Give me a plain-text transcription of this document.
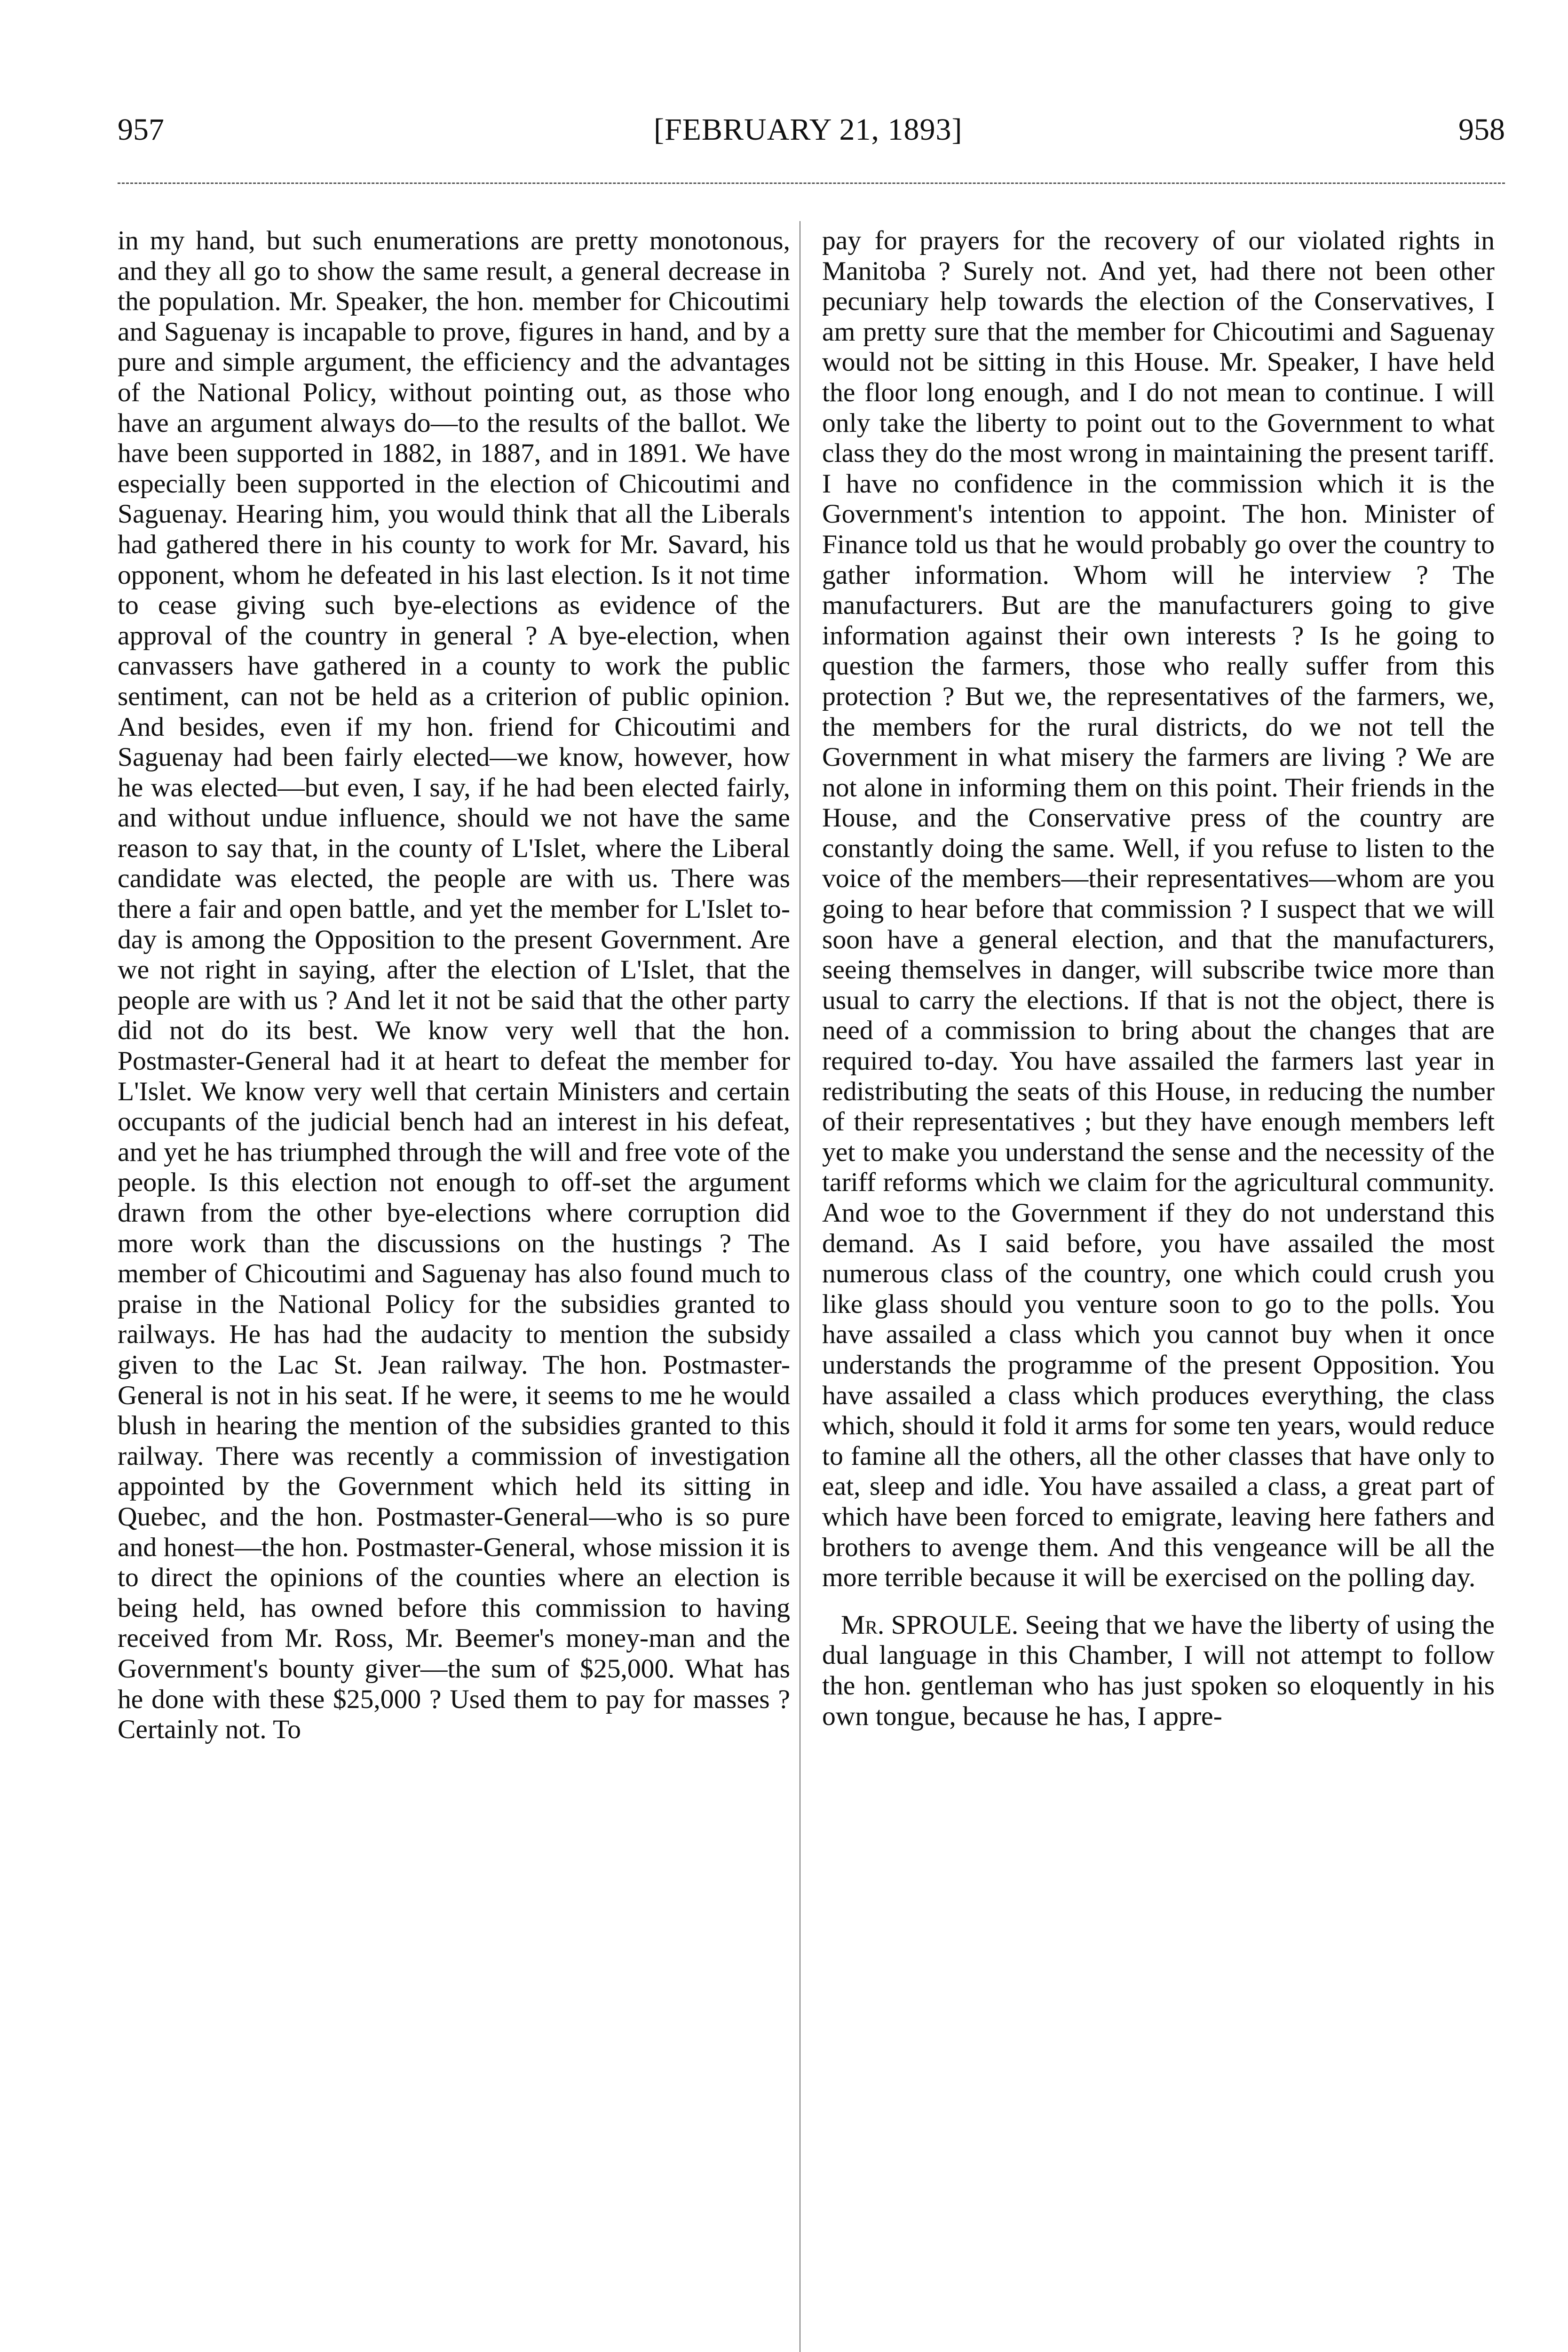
957	[FEBRUARY 21, 1893]	958

in my hand, but such enumerations are pretty monotonous, and they all go to show the same result, a general decrease in the population. Mr. Speaker, the hon. member for Chicoutimi and Saguenay is incapable to prove, figures in hand, and by a pure and simple argument, the efficiency and the advantages of the National Policy, without pointing out, as those who have an argument always do—to the results of the ballot. We have been supported in 1882, in 1887, and in 1891. We have especially been supported in the election of Chicoutimi and Saguenay. Hearing him, you would think that all the Liberals had gathered there in his county to work for Mr. Savard, his opponent, whom he defeated in his last election. Is it not time to cease giving such bye-elections as evidence of the approval of the country in general ? A bye-election, when canvassers have gathered in a county to work the public sentiment, can not be held as a criterion of public opinion. And besides, even if my hon. friend for Chicoutimi and Saguenay had been fairly elected—we know, however, how he was elected—but even, I say, if he had been elected fairly, and without undue influence, should we not have the same reason to say that, in the county of L'Islet, where the Liberal candidate was elected, the people are with us. There was there a fair and open battle, and yet the member for L'Islet to-day is among the Opposition to the present Government. Are we not right in saying, after the election of L'Islet, that the people are with us ? And let it not be said that the other party did not do its best. We know very well that the hon. Postmaster-General had it at heart to defeat the member for L'Islet. We know very well that certain Ministers and certain occupants of the judicial bench had an interest in his defeat, and yet he has triumphed through the will and free vote of the people. Is this election not enough to off-set the argument drawn from the other bye-elections where corruption did more work than the discussions on the hustings ? The member of Chicoutimi and Saguenay has also found much to praise in the National Policy for the subsidies granted to railways. He has had the audacity to mention the subsidy given to the Lac St. Jean railway. The hon. Postmaster-General is not in his seat. If he were, it seems to me he would blush in hearing the mention of the subsidies granted to this railway. There was recently a commission of investigation appointed by the Government which held its sitting in Quebec, and the hon. Postmaster-General—who is so pure and honest—the hon. Postmaster-General, whose mission it is to direct the opinions of the counties where an election is being held, has owned before this commission to having received from Mr. Ross, Mr. Beemer's money-man and the Government's bounty giver—the sum of $25,000. What has he done with these $25,000 ? Used them to pay for masses ? Certainly not. To

pay for prayers for the recovery of our violated rights in Manitoba ? Surely not. And yet, had there not been other pecuniary help towards the election of the Conservatives, I am pretty sure that the member for Chicoutimi and Saguenay would not be sitting in this House. Mr. Speaker, I have held the floor long enough, and I do not mean to continue. I will only take the liberty to point out to the Government to what class they do the most wrong in maintaining the present tariff. I have no confidence in the commission which it is the Government's intention to appoint. The hon. Minister of Finance told us that he would probably go over the country to gather information. Whom will he interview ? The manufacturers. But are the manufacturers going to give information against their own interests ? Is he going to question the farmers, those who really suffer from this protection ? But we, the representatives of the farmers, we, the members for the rural districts, do we not tell the Government in what misery the farmers are living ? We are not alone in informing them on this point. Their friends in the House, and the Conservative press of the country are constantly doing the same. Well, if you refuse to listen to the voice of the members—their representatives—whom are you going to hear before that commission ? I suspect that we will soon have a general election, and that the manufacturers, seeing themselves in danger, will subscribe twice more than usual to carry the elections. If that is not the object, there is need of a commission to bring about the changes that are required to-day. You have assailed the farmers last year in redistributing the seats of this House, in reducing the number of their representatives ; but they have enough members left yet to make you understand the sense and the necessity of the tariff reforms which we claim for the agricultural community. And woe to the Government if they do not understand this demand. As I said before, you have assailed the most numerous class of the country, one which could crush you like glass should you venture soon to go to the polls. You have assailed a class which you cannot buy when it once understands the programme of the present Opposition. You have assailed a class which produces everything, the class which, should it fold it arms for some ten years, would reduce to famine all the others, all the other classes that have only to eat, sleep and idle. You have assailed a class, a great part of which have been forced to emigrate, leaving here fathers and brothers to avenge them. And this vengeance will be all the more terrible because it will be exercised on the polling day.

Mr. SPROULE. Seeing that we have the liberty of using the dual language in this Chamber, I will not attempt to follow the hon. gentleman who has just spoken so eloquently in his own tongue, because he has, I appre-
